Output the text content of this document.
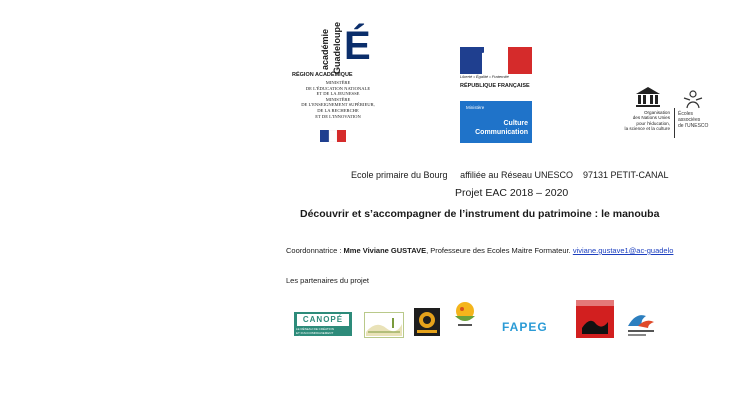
académie Guadeloupe É
RÉGION ACADÉMIQUE
MINISTÈRE
DE L'ÉDUCATION NATIONALE
ET DE LA JEUNESSE
MINISTÈRE
DE L'ENSEIGNEMENT SUPÉRIEUR,
DE LA RECHERCHE
ET DE L'INNOVATION
Liberté • Égalité • Fraternité
RÉPUBLIQUE FRANÇAISE
Ministère
Culture
Communication
Organisation
des Nations Unies
pour l'éducation,
la science et la culture
Écoles
associées
de l'UNESCO
Ecole primaire du Bourg affiliée au Réseau UNESCO 97131 PETIT-CANAL
Projet EAC 2018 – 2020
Découvrir et s’accompagner de l’instrument du patrimoine : le manouba
Coordonnatrice : Mme Viviane GUSTAVE, Professeure des Ecoles Maitre Formateur. viviane.gustave1@ac-guadelo
Les partenaires du projet
CANOPÉ
LE RÉSEAU DE CRÉATION
ET D'ACCOMPAGNEMENT PÉDAGOGIQUES
FAPEG
